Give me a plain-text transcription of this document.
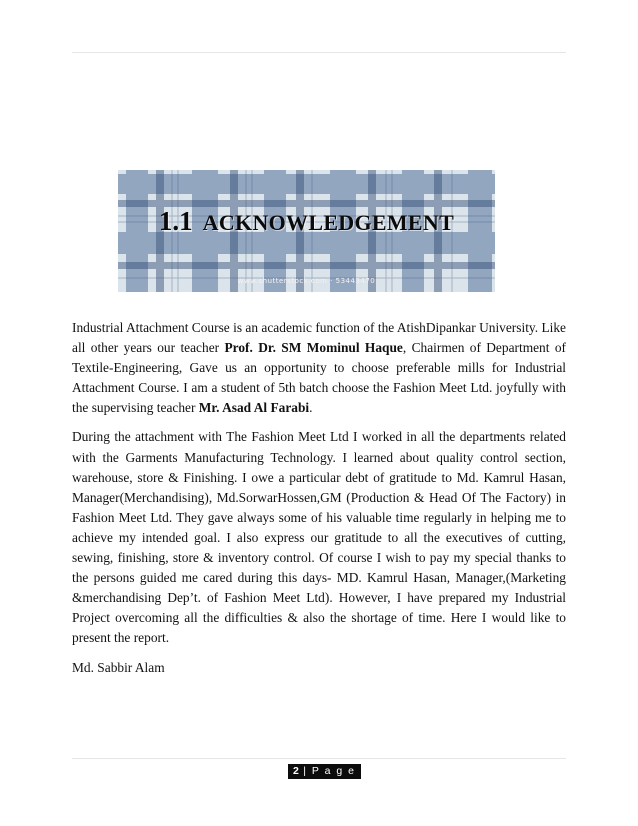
1.1 ACKNOWLEDGEMENT
www.shutterstock.com · 53443470

Industrial Attachment Course is an academic function of the AtishDipankar University. Like all other years our teacher Prof. Dr. SM Mominul Haque, Chairmen of Department of Textile-Engineering, Gave us an opportunity to choose preferable mills for Industrial Attachment Course. I am a student of 5th batch choose the Fashion Meet Ltd. joyfully with the supervising teacher Mr. Asad Al Farabi.

During the attachment with The Fashion Meet Ltd I worked in all the departments related with the Garments Manufacturing Technology. I learned about quality control section, warehouse, store & Finishing. I owe a particular debt of gratitude to Md. Kamrul Hasan, Manager(Merchandising), Md.SorwarHossen,GM (Production & Head Of The Factory) in Fashion Meet Ltd. They gave always some of his valuable time regularly in helping me to achieve my intended goal. I also express our gratitude to all the executives of cutting, sewing, finishing, store & inventory control. Of course I wish to pay my special thanks to the persons guided me cared during this days- MD. Kamrul Hasan, Manager,(Marketing &merchandising Dep’t. of Fashion Meet Ltd). However, I have prepared my Industrial Project overcoming all the difficulties & also the shortage of time. Here I would like to present the report.

Md. Sabbir Alam

2 | P a g e
